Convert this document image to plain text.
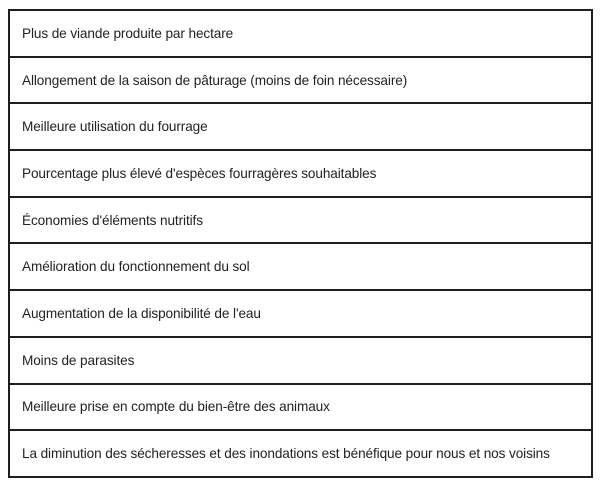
Plus de viande produite par hectare
Allongement de la saison de pâturage (moins de foin nécessaire)
Meilleure utilisation du fourrage
Pourcentage plus élevé d'espèces fourragères souhaitables
Économies d'éléments nutritifs
Amélioration du fonctionnement du sol
Augmentation de la disponibilité de l'eau
Moins de parasites
Meilleure prise en compte du bien-être des animaux
La diminution des sécheresses et des inondations est bénéfique pour nous et nos voisins
